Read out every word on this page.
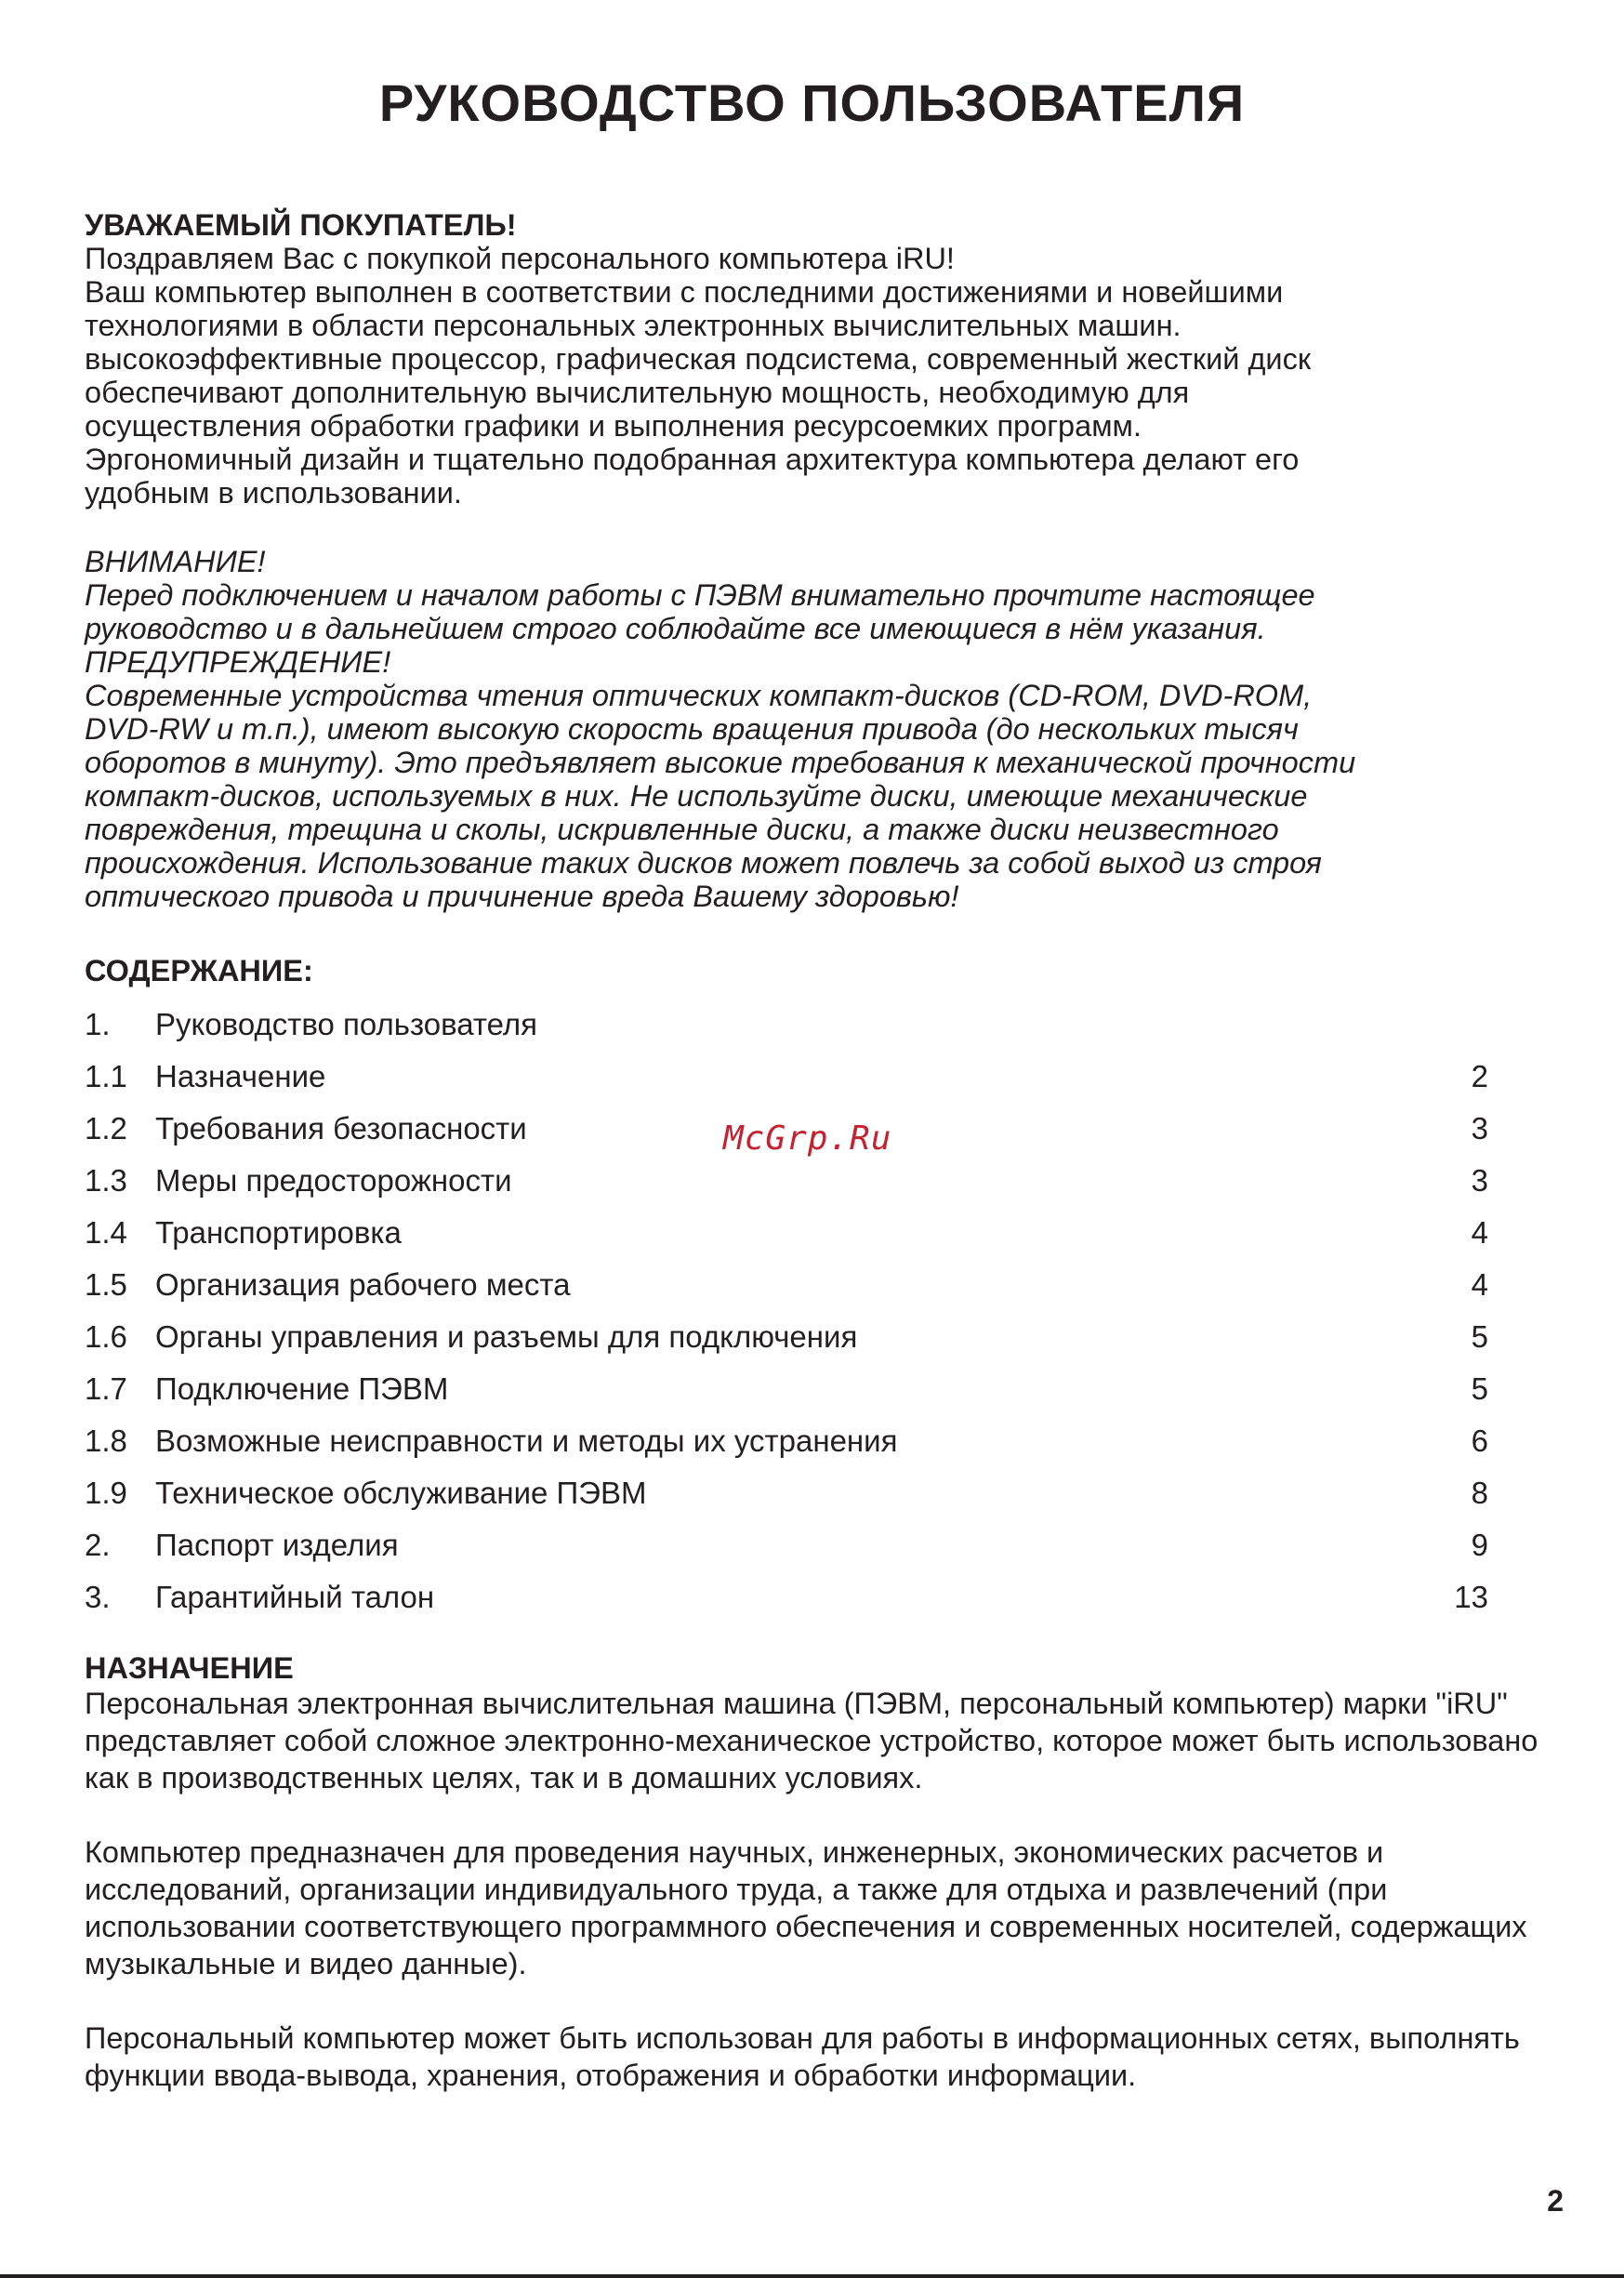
РУКОВОДСТВО ПОЛЬЗОВАТЕЛЯ
УВАЖАЕМЫЙ ПОКУПАТЕЛЬ!
Поздравляем Вас с покупкой персонального компьютера iRU!
Ваш компьютер выполнен в соответствии с последними достижениями и новейшими
технологиями в области персональных электронных вычислительных машин.
высокоэффективные процессор, графическая подсистема, современный жесткий диск
обеспечивают дополнительную вычислительную мощность, необходимую для
осуществления обработки графики и выполнения ресурсоемких программ.
Эргономичный дизайн и тщательно подобранная архитектура компьютера делают его
удобным в использовании.
ВНИМАНИЕ!
Перед подключением и началом работы с ПЭВМ внимательно прочтите настоящее
руководство и в дальнейшем строго соблюдайте все имеющиеся в нём указания.
ПРЕДУПРЕЖДЕНИЕ!
Современные устройства чтения оптических компакт-дисков (CD-ROM, DVD-ROM,
DVD-RW и т.п.), имеют высокую скорость вращения привода (до нескольких тысяч
оборотов в минуту). Это предъявляет высокие требования к механической прочности
компакт-дисков, используемых в них. Не используйте диски, имеющие механические
повреждения, трещина и сколы, искривленные диски, а также диски неизвестного
происхождения. Использование таких дисков может повлечь за собой выход из строя
оптического привода и причинение вреда Вашему здоровью!
СОДЕРЖАНИЕ:
1.	Руководство пользователя
1.1 Назначение	2
1.2 Требования безопасности	3
1.3 Меры предосторожности	3
1.4 Транспортировка	4
1.5 Организация рабочего места	4
1.6 Органы управления и разъемы для подключения	5
1.7 Подключение ПЭВМ	5
1.8 Возможные неисправности и методы их устранения	6
1.9 Техническое обслуживание ПЭВМ	8
2.	Паспорт изделия	9
3.	Гарантийный талон	13
McGrp.Ru
НАЗНАЧЕНИЕ
Персональная электронная вычислительная машина (ПЭВМ, персональный компьютер) марки "iRU" представляет собой сложное электронно-механическое устройство, которое может быть использовано как в производственных целях, так и в домашних условиях.
Компьютер предназначен для проведения научных, инженерных, экономических расчетов и исследований, организации индивидуального труда, а также для отдыха и развлечений (при использовании соответствующего программного обеспечения и современных носителей, содержащих музыкальные и видео данные).
Персональный компьютер может быть использован для работы в информационных сетях, выполнять функции ввода-вывода, хранения, отображения и обработки информации.
2
